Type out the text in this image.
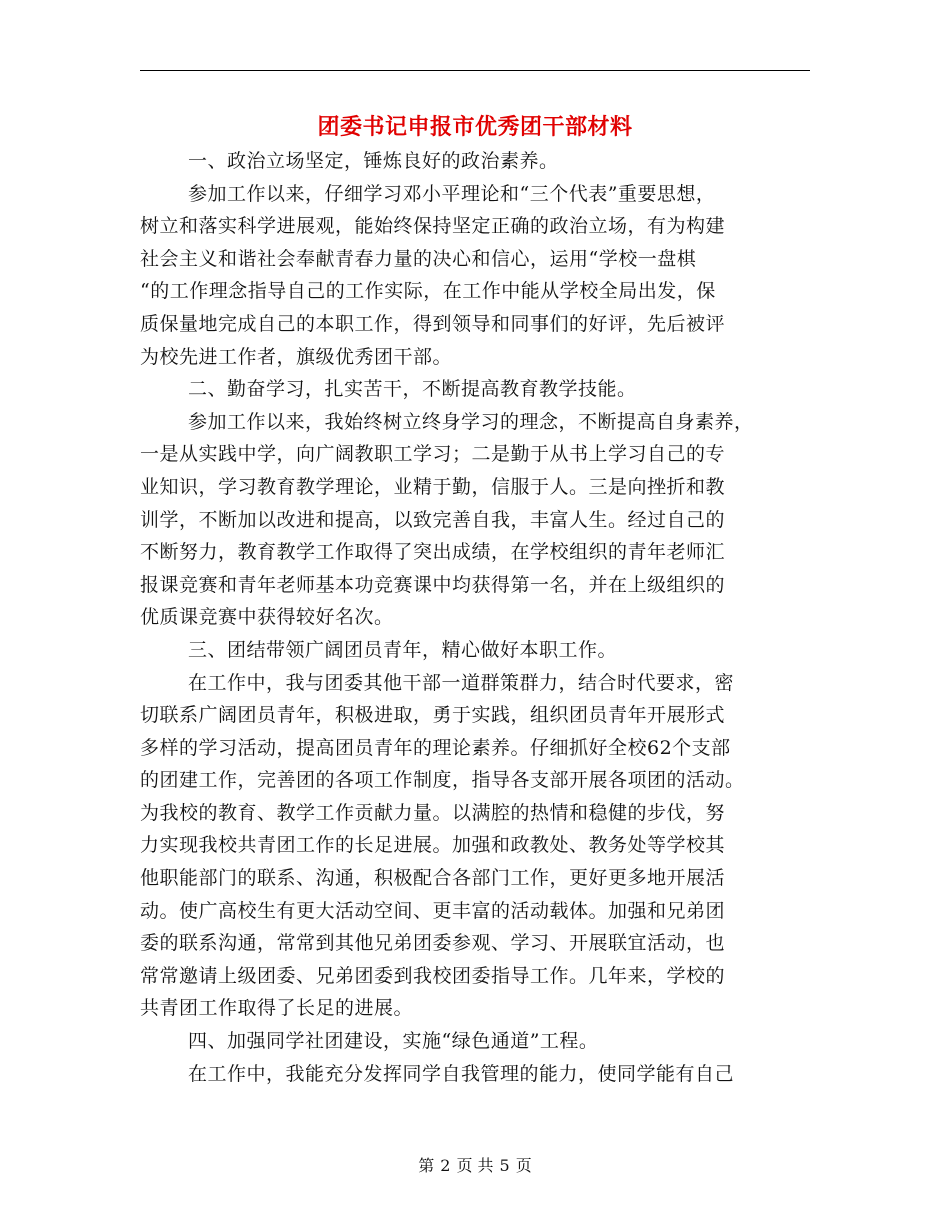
团委书记申报市优秀团干部材料
一、政治立场坚定，锤炼良好的政治素养。
参加工作以来，仔细学习邓小平理论和“三个代表”重要思想，
树立和落实科学进展观，能始终保持坚定正确的政治立场，有为构建
社会主义和谐社会奉献青春力量的决心和信心，运用“学校一盘棋
“的工作理念指导自己的工作实际，在工作中能从学校全局出发，保
质保量地完成自己的本职工作，得到领导和同事们的好评，先后被评
为校先进工作者，旗级优秀团干部。
二、勤奋学习，扎实苦干，不断提高教育教学技能。
参加工作以来，我始终树立终身学习的理念，不断提高自身素养，
一是从实践中学，向广阔教职工学习；二是勤于从书上学习自己的专
业知识，学习教育教学理论，业精于勤，信服于人。三是向挫折和教
训学，不断加以改进和提高，以致完善自我，丰富人生。经过自己的
不断努力，教育教学工作取得了突出成绩，在学校组织的青年老师汇
报课竞赛和青年老师基本功竞赛课中均获得第一名，并在上级组织的
优质课竞赛中获得较好名次。
三、团结带领广阔团员青年，精心做好本职工作。
在工作中，我与团委其他干部一道群策群力，结合时代要求，密
切联系广阔团员青年，积极进取，勇于实践，组织团员青年开展形式
多样的学习活动，提高团员青年的理论素养。仔细抓好全校62个支部
的团建工作，完善团的各项工作制度，指导各支部开展各项团的活动。
为我校的教育、教学工作贡献力量。以满腔的热情和稳健的步伐，努
力实现我校共青团工作的长足进展。加强和政教处、教务处等学校其
他职能部门的联系、沟通，积极配合各部门工作，更好更多地开展活
动。使广高校生有更大活动空间、更丰富的活动载体。加强和兄弟团
委的联系沟通，常常到其他兄弟团委参观、学习、开展联宜活动，也
常常邀请上级团委、兄弟团委到我校团委指导工作。几年来，学校的
共青团工作取得了长足的进展。
四、加强同学社团建设，实施“绿色通道”工程。
在工作中，我能充分发挥同学自我管理的能力，使同学能有自己
第 2 页 共 5 页
